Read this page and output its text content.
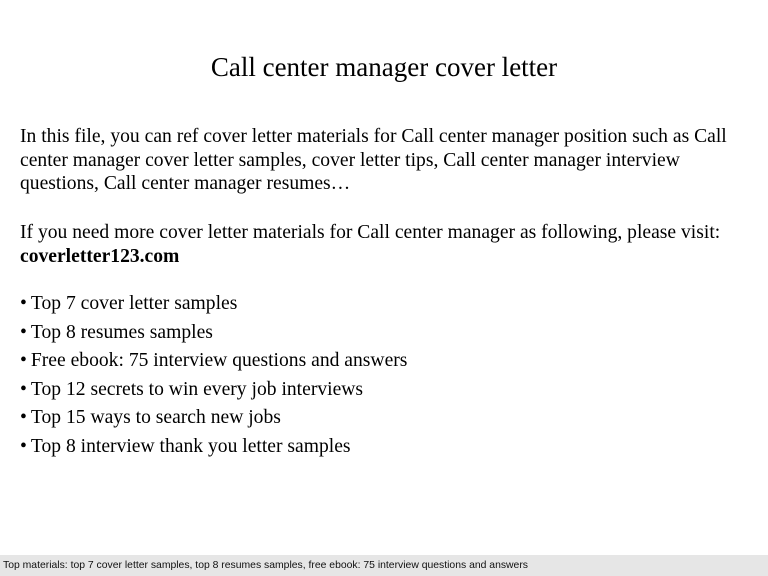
Call center manager cover letter

In this file, you can ref cover letter materials for Call center manager position such as Call center manager cover letter samples, cover letter tips, Call center manager interview questions, Call center manager resumes…

If you need more cover letter materials for Call center manager as following, please visit: coverletter123.com

• Top 7 cover letter samples
• Top 8 resumes samples
• Free ebook: 75 interview questions and answers
• Top 12 secrets to win every job interviews
• Top 15 ways to search new jobs
• Top 8 interview thank you letter samples
Top materials: top 7 cover letter samples, top 8 resumes samples, free ebook: 75 interview questions and answers
